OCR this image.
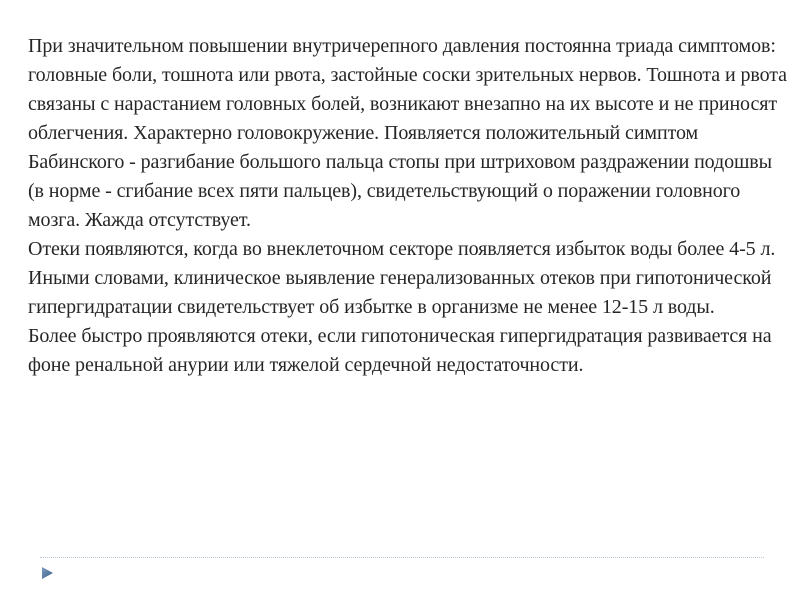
При значительном повышении внутричерепного давления постоянна триада симптомов: головные боли, тошнота или рвота, застойные соски зрительных нервов. Тошнота и рвота связаны с нарастанием головных болей, возникают внезапно на их высоте и не приносят облегчения. Характерно головокружение. Появляется положительный симптом Бабинского - разгибание большого пальца стопы при штриховом раздражении подошвы (в норме - сгибание всех пяти пальцев), свидетельствующий о поражении головного мозга. Жажда отсутствует.

Отеки появляются, когда во внеклеточном секторе появляется избыток воды более 4-5 л. Иными словами, клиническое выявление генерализованных отеков при гипотонической гипергидратации свидетельствует об избытке в организме не менее 12-15 л воды.

Более быстро проявляются отеки, если гипотоническая гипергидратация развивается на фоне ренальной анурии или тяжелой сердечной недостаточности.
